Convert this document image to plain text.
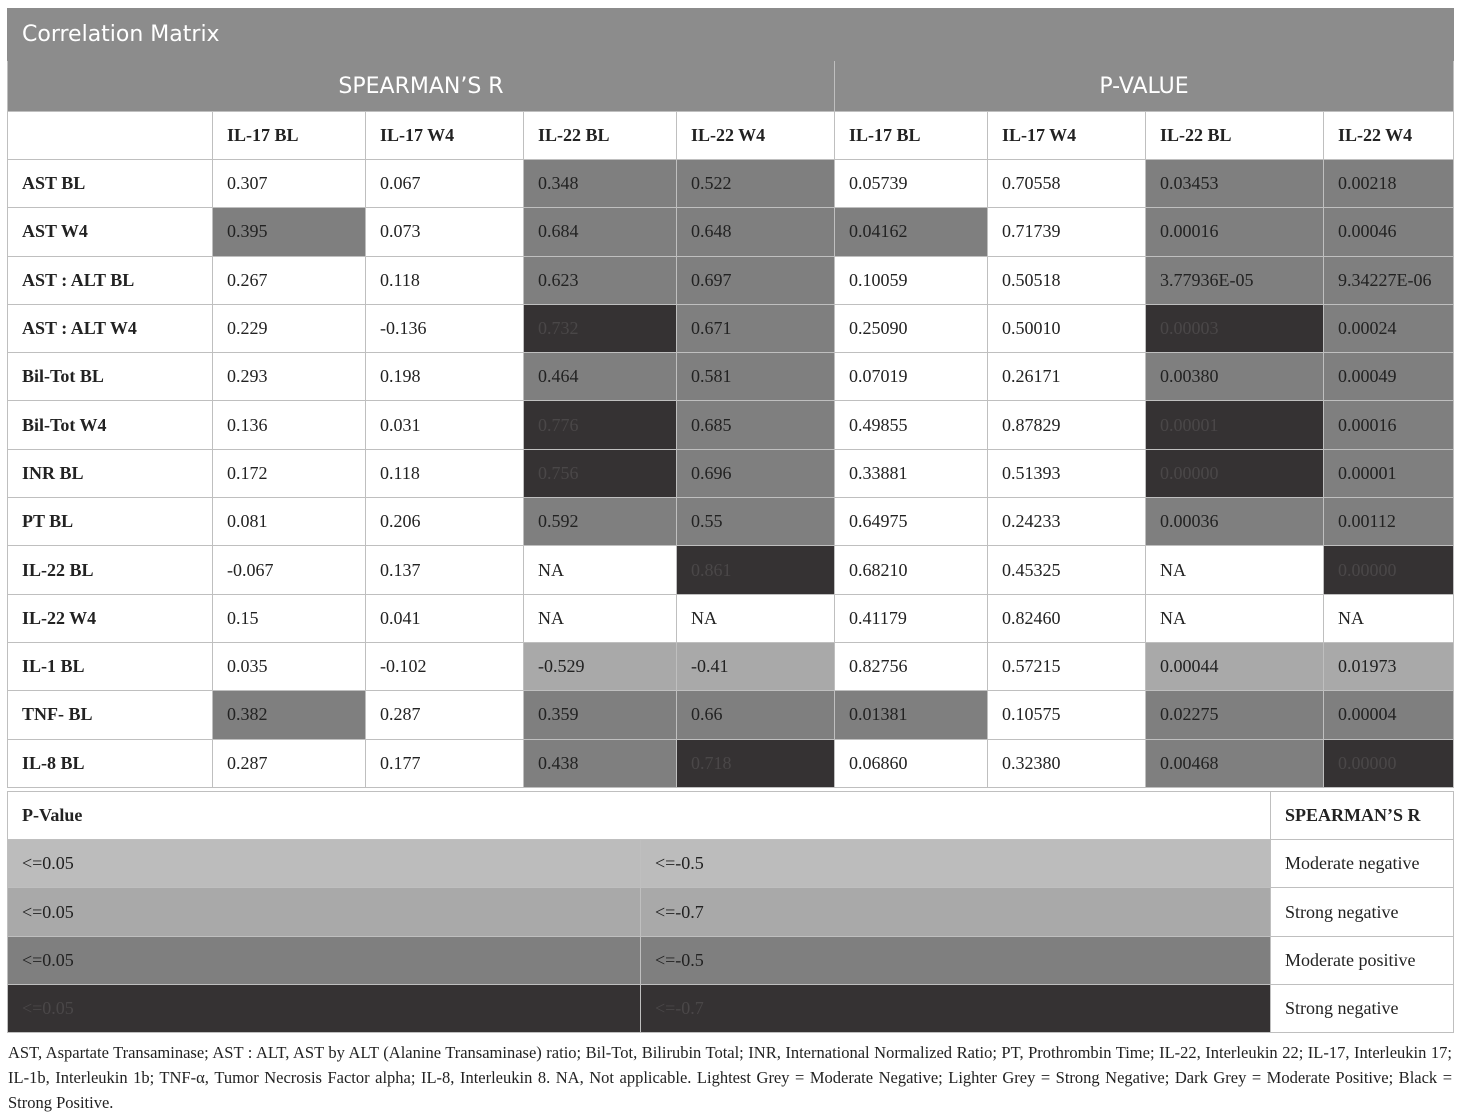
Correlation Matrix								
SPEARMAN’S R					P-VALUE			
	IL-17 BL	IL-17 W4	IL-22 BL	IL-22 W4	IL-17 BL	IL-17 W4	IL-22 BL	IL-22 W4
AST BL	0.307	0.067	0.348	0.522	0.05739	0.70558	0.03453	0.00218
AST W4	0.395	0.073	0.684	0.648	0.04162	0.71739	0.00016	0.00046
AST : ALT BL	0.267	0.118	0.623	0.697	0.10059	0.50518	3.77936E-05	9.34227E-06
AST : ALT W4	0.229	-0.136	0.732	0.671	0.25090	0.50010	0.00003	0.00024
Bil-Tot BL	0.293	0.198	0.464	0.581	0.07019	0.26171	0.00380	0.00049
Bil-Tot W4	0.136	0.031	0.776	0.685	0.49855	0.87829	0.00001	0.00016
INR BL	0.172	0.118	0.756	0.696	0.33881	0.51393	0.00000	0.00001
PT BL	0.081	0.206	0.592	0.55	0.64975	0.24233	0.00036	0.00112
IL-22 BL	-0.067	0.137	NA	0.861	0.68210	0.45325	NA	0.00000
IL-22 W4	0.15	0.041	NA	NA	0.41179	0.82460	NA	NA
IL-1 BL	0.035	-0.102	-0.529	-0.41	0.82756	0.57215	0.00044	0.01973
TNF- BL	0.382	0.287	0.359	0.66	0.01381	0.10575	0.02275	0.00004
IL-8 BL	0.287	0.177	0.438	0.718	0.06860	0.32380	0.00468	0.00000
P-Value		SPEARMAN’S R
<=0.05	<=-0.5	Moderate negative
<=0.05	<=-0.7	Strong negative
<=0.05	<=-0.5	Moderate positive
<=0.05	<=-0.7	Strong negative
AST, Aspartate Transaminase; AST : ALT, AST by ALT (Alanine Transaminase) ratio; Bil-Tot, Bilirubin Total; INR, International Normalized Ratio; PT, Prothrombin Time; IL-22, Interleukin 22; IL-17, Interleukin 17; IL-1b, Interleukin 1b; TNF-α, Tumor Necrosis Factor alpha; IL-8, Interleukin 8. NA, Not applicable. Lightest Grey = Moderate Negative; Lighter Grey = Strong Negative; Dark Grey = Moderate Positive; Black = Strong Positive.
